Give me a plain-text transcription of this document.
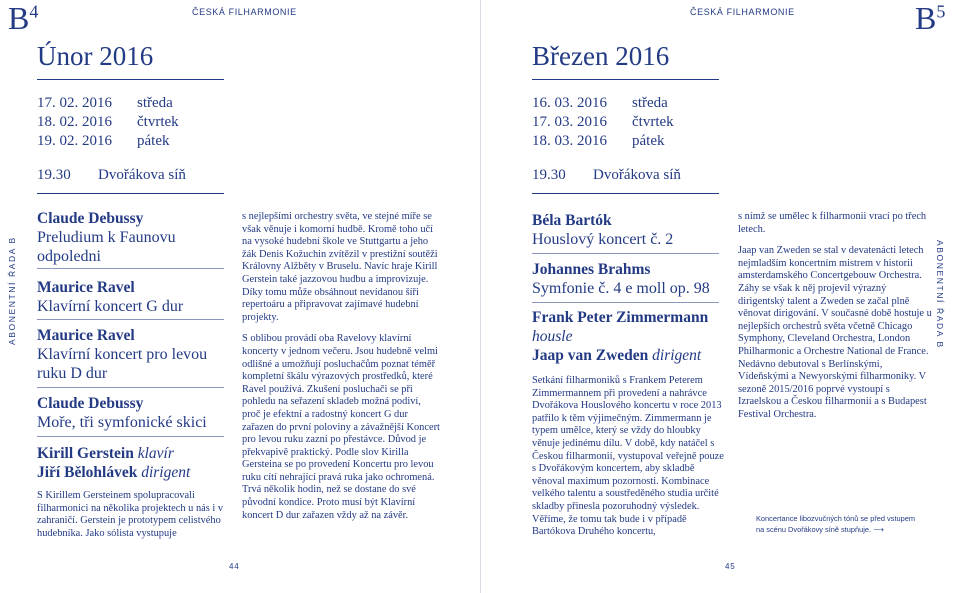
$B^4$	ČESKÁ FILHARMONIE
Únor 2016
17. 02. 2016 středa
18. 02. 2016 čtvrtek
19. 02. 2016 pátek
19.30 Dvořákova síň
ABONENTNÍ ŘADA B
Claude Debussy
Preludium k Faunovu odpoledni
Maurice Ravel
Klavírní koncert G dur
Maurice Ravel
Klavírní koncert pro levou ruku D dur
Claude Debussy
Moře, tři symfonické skici
Kirill Gerstein klavír
Jiří Bělohlávek dirigent

S Kirillem Gersteinem spolupracovali filharmonici na několika projektech u nás i v zahraničí. Gerstein je prototypem celistvého hudebníka. Jako sólista vystupuje

s nejlepšími orchestry světa, ve stejné míře se však věnuje i komorní hudbě. Kromě toho učí na vysoké hudební škole ve Stuttgartu a jeho žák Denis Kožuchin zvítězil v prestižní soutěži Královny Alžběty v Bruselu. Navíc hraje Kirill Gerstein také jazzovou hudbu a improvizuje. Díky tomu může obsáhnout nevídanou šíři repertoáru a připravovat zajímavé hudební projekty.

S oblibou provádí oba Ravelovy klavírní koncerty v jednom večeru. Jsou hudebně velmi odlišné a umožňují posluchačům poznat téměř kompletní škálu výrazových prostředků, které Ravel používá. Zkušení posluchači se při pohledu na seřazení skladeb možná podiví, proč je efektní a radostný koncert G dur zařazen do první poloviny a závažnější Koncert pro levou ruku zazní po přestávce. Důvod je překvapivě praktický. Podle slov Kirilla Gersteina se po provedení Koncertu pro levou ruku cítí nehrající pravá ruka jako ochromená. Trvá několik hodin, než se dostane do své původní kondice. Proto musí být Klavírní koncert D dur zařazen vždy až na závěr.

44
ČESKÁ FILHARMONIE	$B^5$
Březen 2016
16. 03. 2016 středa
17. 03. 2016 čtvrtek
18. 03. 2016 pátek
19.30 Dvořákova síň
ABONENTNÍ ŘADA B
Béla Bartók
Houslový koncert č. 2
Johannes Brahms
Symfonie č. 4 e moll op. 98
Frank Peter Zimmermann
housle
Jaap van Zweden dirigent

Setkání filharmoniků s Frankem Peterem Zimmermannem při provedení a nahrávce Dvořákova Houslového koncertu v roce 2013 patřilo k těm výjimečným. Zimmermann je typem umělce, který se vždy do hloubky věnuje jedinému dílu. V době, kdy natáčel s Českou filharmonií, vystupoval veřejně pouze s Dvořákovým koncertem, aby skladbě věnoval maximum pozornosti. Kombinace velkého talentu a soustředěného studia určité skladby přinesla pozoruhodný výsledek. Věříme, že tomu tak bude i v případě Bartókova Druhého koncertu,

s nímž se umělec k filharmonii vrací po třech letech.

Jaap van Zweden se stal v devatenácti letech nejmladším koncertním mistrem v historii amsterdamského Concertgebouw Orchestra. Záhy se však k něj projevil výrazný dirigentský talent a Zweden se začal plně věnovat dirigování. V současné době hostuje u nejlepších orchestrů světa včetně Chicago Symphony, Cleveland Orchestra, London Philharmonic a Orchestre National de France. Nedávno debutoval s Berlínskými, Vídeňskými a Newyorskými filharmoniky. V sezoně 2015/2016 poprvé vystoupí s Izraelskou a Českou filharmonií a s Budapest Festival Orchestra.

Koncertance libozvučných tónů se před vstupem
na scénu Dvořákovy síně stupňuje. ⟶
45
